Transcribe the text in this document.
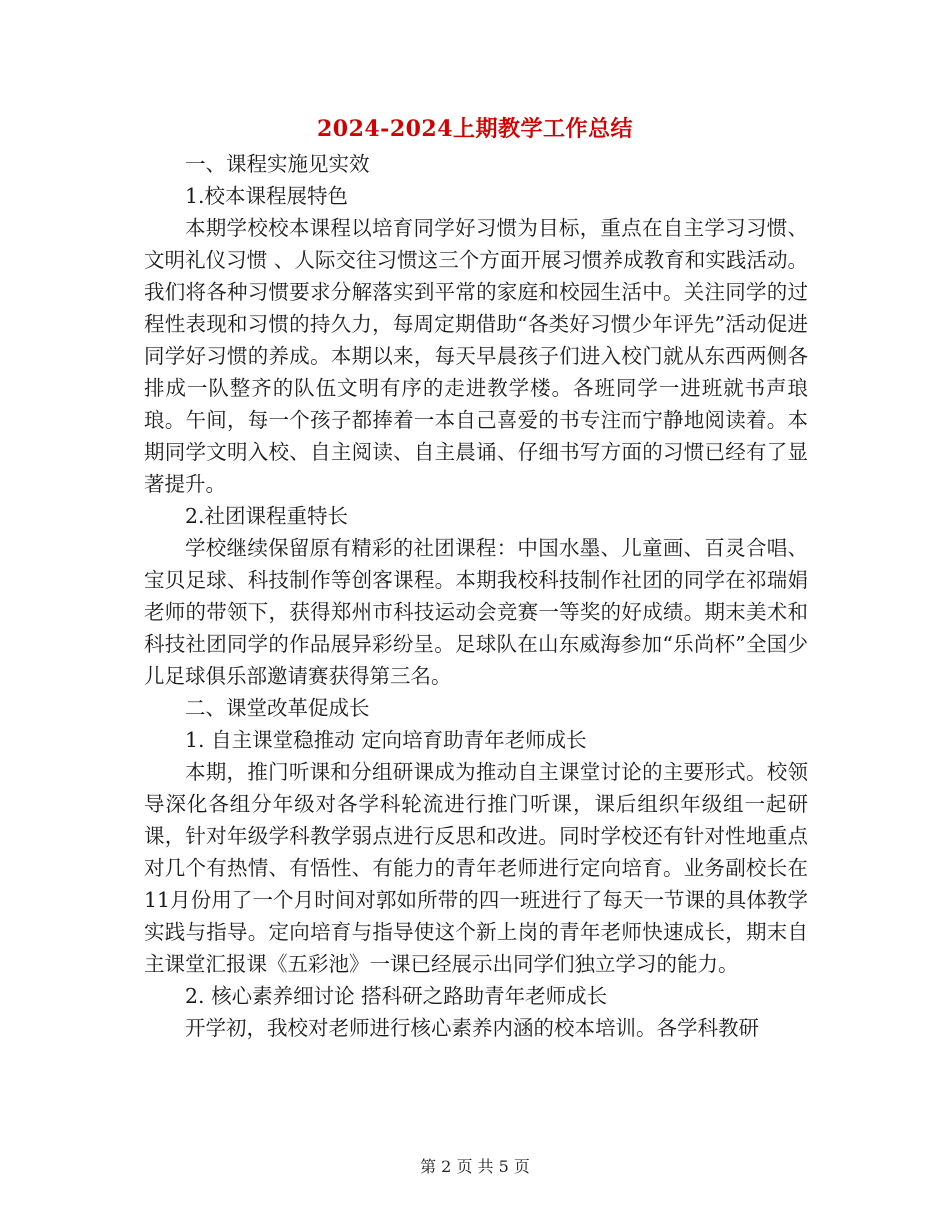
2024-2024上期教学工作总结

一、课程实施见实效

1.校本课程展特色

本期学校校本课程以培育同学好习惯为目标，重点在自主学习习惯、 文明礼仪习惯 、人际交往习惯这三个方面开展习惯养成教育和实践活动。我们将各种习惯要求分解落实到平常的家庭和校园生活中。关注同学的过程性表现和习惯的持久力，每周定期借助“各类好习惯少年评先”活动促进同学好习惯的养成。本期以来，每天早晨孩子们进入校门就从东西两侧各排成一队整齐的队伍文明有序的走进教学楼。各班同学一进班就书声琅琅。午间，每一个孩子都捧着一本自己喜爱的书专注而宁静地阅读着。本期同学文明入校、自主阅读、自主晨诵、仔细书写方面的习惯已经有了显著提升。

2.社团课程重特长

学校继续保留原有精彩的社团课程：中国水墨、儿童画、百灵合唱、宝贝足球、科技制作等创客课程。本期我校科技制作社团的同学在祁瑞娟老师的带领下，获得郑州市科技运动会竞赛一等奖的好成绩。期末美术和科技社团同学的作品展异彩纷呈。足球队在山东威海参加“乐尚杯”全国少儿足球俱乐部邀请赛获得第三名。

二、课堂改革促成长

1. 自主课堂稳推动 定向培育助青年老师成长

本期，推门听课和分组研课成为推动自主课堂讨论的主要形式。校领导深化各组分年级对各学科轮流进行推门听课，课后组织年级组一起研课，针对年级学科教学弱点进行反思和改进。同时学校还有针对性地重点对几个有热情、有悟性、有能力的青年老师进行定向培育。业务副校长在11月份用了一个月时间对郭如所带的四一班进行了每天一节课的具体教学实践与指导。定向培育与指导使这个新上岗的青年老师快速成长，期末自主课堂汇报课《五彩池》一课已经展示出同学们独立学习的能力。

2. 核心素养细讨论 搭科研之路助青年老师成长

开学初，我校对老师进行核心素养内涵的校本培训。各学科教研

第 2 页 共 5 页
